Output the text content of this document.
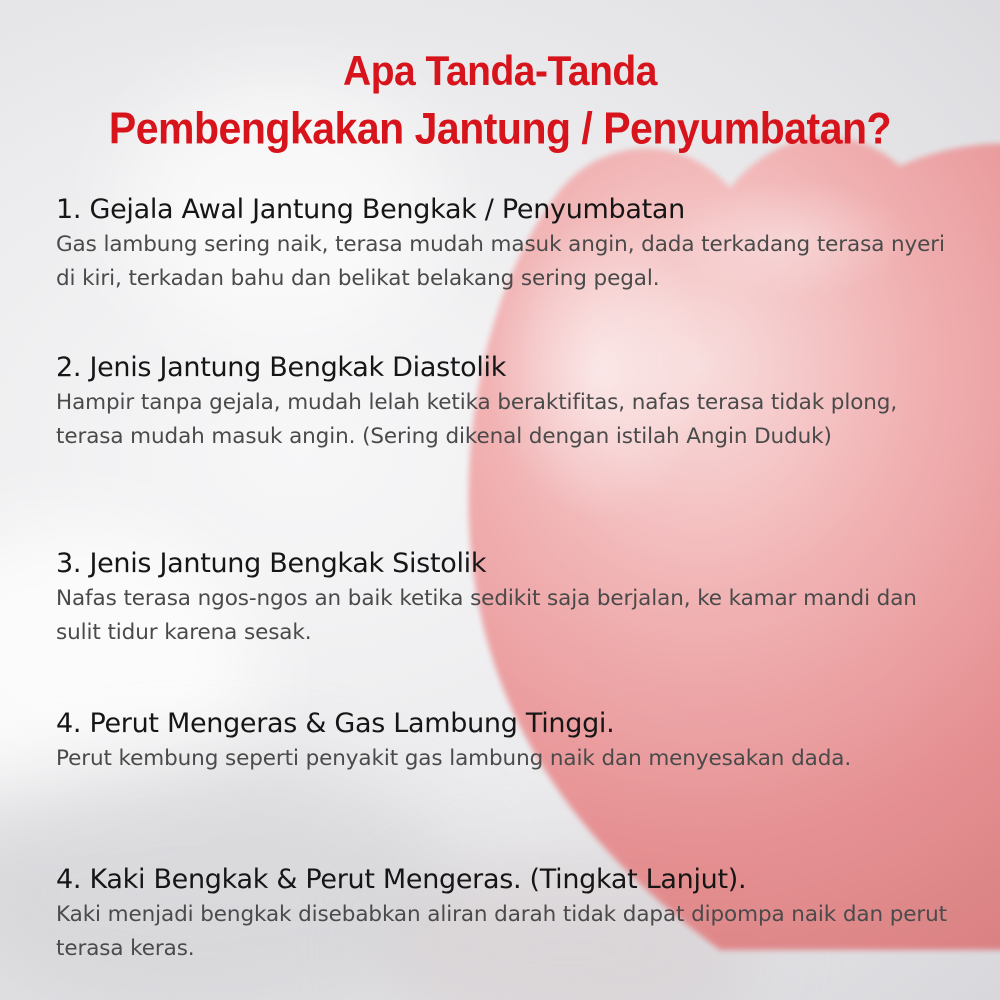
Apa Tanda-Tanda
Pembengkakan Jantung / Penyumbatan?
1. Gejala Awal Jantung Bengkak / Penyumbatan

Gas lambung sering naik, terasa mudah masuk angin, dada terkadang terasa nyeri di kiri, terkadan bahu dan belikat belakang sering pegal.

2. Jenis Jantung Bengkak Diastolik

Hampir tanpa gejala, mudah lelah ketika beraktifitas, nafas terasa tidak plong, terasa mudah masuk angin. (Sering dikenal dengan istilah Angin Duduk)

3. Jenis Jantung Bengkak Sistolik

Nafas terasa ngos-ngos an baik ketika sedikit saja berjalan, ke kamar mandi dan sulit tidur karena sesak.

4. Perut Mengeras & Gas Lambung Tinggi.

Perut kembung seperti penyakit gas lambung naik dan menyesakan dada.

4. Kaki Bengkak & Perut Mengeras. (Tingkat Lanjut).

Kaki menjadi bengkak disebabkan aliran darah tidak dapat dipompa naik dan perut terasa keras.
